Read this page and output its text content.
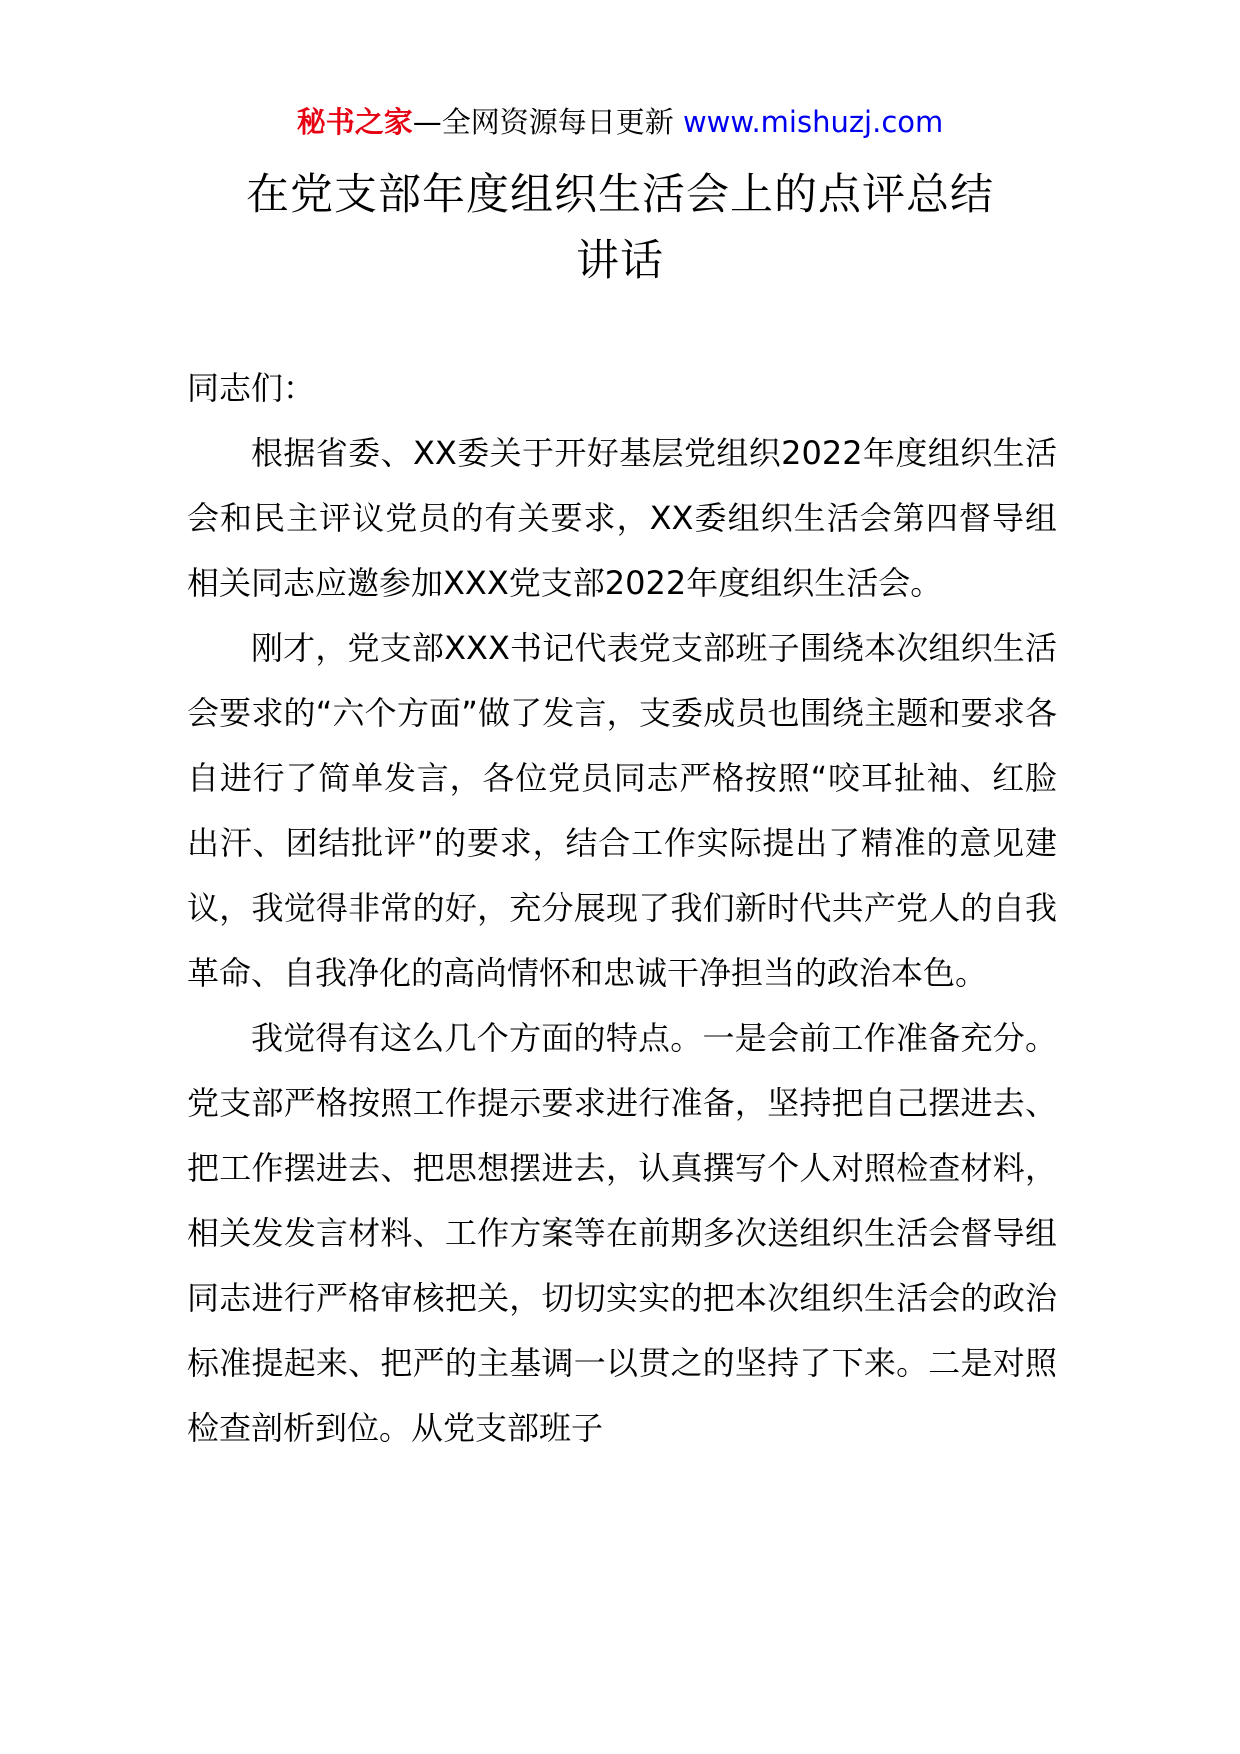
秘书之家—全网资源每日更新 www.mishuzj.com
在党支部年度组织生活会上的点评总结
讲话

同志们：

根据省委、XX委关于开好基层党组织2022年度组织生活会和民主评议党员的有关要求，XX委组织生活会第四督导组相关同志应邀参加XXX党支部2022年度组织生活会。

刚才，党支部XXX书记代表党支部班子围绕本次组织生活会要求的“六个方面”做了发言，支委成员也围绕主题和要求各自进行了简单发言，各位党员同志严格按照“咬耳扯袖、红脸出汗、团结批评”的要求，结合工作实际提出了精准的意见建议，我觉得非常的好，充分展现了我们新时代共产党人的自我革命、自我净化的高尚情怀和忠诚干净担当的政治本色。

我觉得有这么几个方面的特点。一是会前工作准备充分。党支部严格按照工作提示要求进行准备，坚持把自己摆进去、把工作摆进去、把思想摆进去，认真撰写个人对照检查材料，相关发发言材料、工作方案等在前期多次送组织生活会督导组同志进行严格审核把关，切切实实的把本次组织生活会的政治标准提起来、把严的主基调一以贯之的坚持了下来。二是对照检查剖析到位。从党支部班子
